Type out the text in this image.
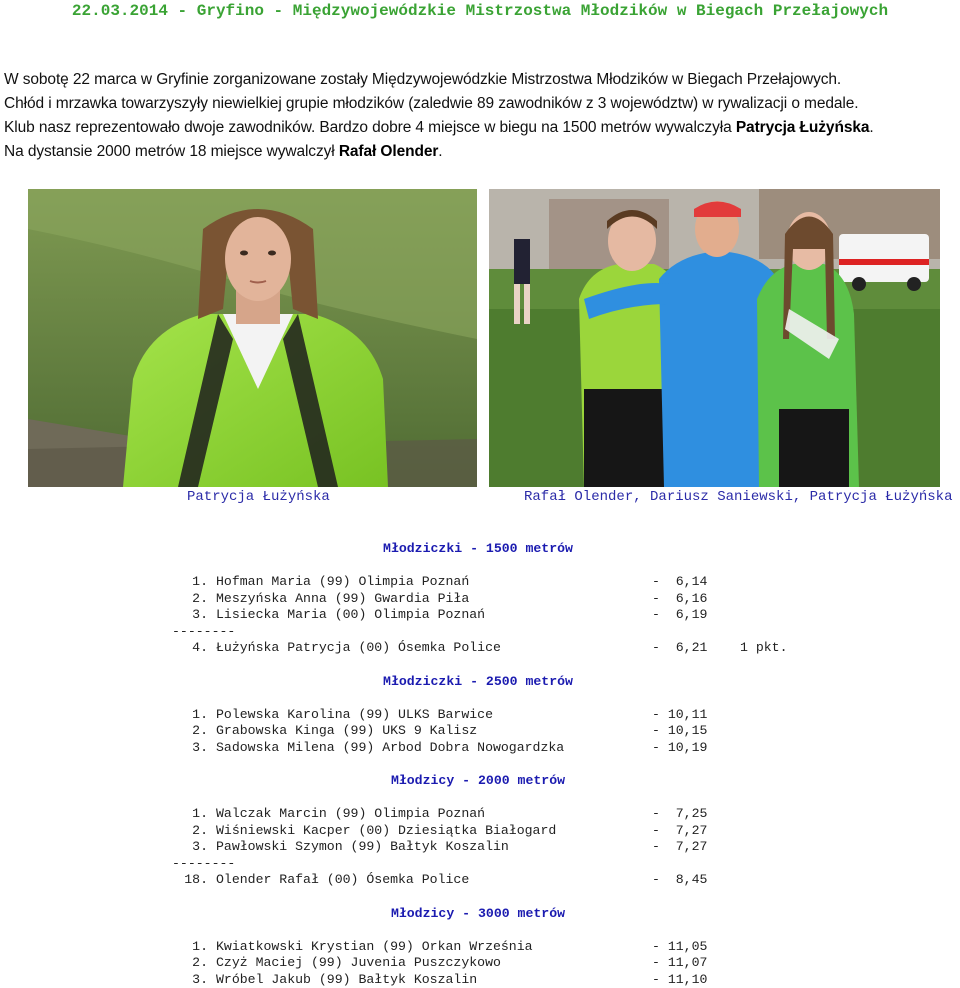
22.03.2014 - Gryfino - Międzywojewódzkie Mistrzostwa Młodzików w Biegach Przełajowych

W sobotę 22 marca w Gryfinie zorganizowane zostały Międzywojewódzkie Mistrzostwa Młodzików w Biegach Przełajowych.

Chłód i mrzawka towarzyszyły niewielkiej grupie młodzików (zaledwie 89 zawodników z 3 województw) w rywalizacji o medale.

Klub nasz reprezentowało dwoje zawodników. Bardzo dobre 4 miejsce w biegu na 1500 metrów wywalczyła Patrycja Łużyńska.

Na dystansie 2000 metrów 18 miejsce wywalczył Rafał Olender.

Patrycja Łużyńska	Rafał Olender, Dariusz Saniewski, Patrycja Łużyńska
Młodziczki - 1500 metrów
1. Hofman Maria (99) Olimpia Poznań	-  6,14
2. Meszyńska Anna (99) Gwardia Piła	-  6,16
3. Lisiecka Maria (00) Olimpia Poznań	-  6,19
--------
4. Łużyńska Patrycja (00) Ósemka Police	-  6,21 1 pkt.
Młodziczki - 2500 metrów
1. Polewska Karolina (99) ULKS Barwice	- 10,11
2. Grabowska Kinga (99) UKS 9 Kalisz	- 10,15
3. Sadowska Milena (99) Arbod Dobra Nowogardzka	- 10,19
Młodzicy - 2000 metrów
1. Walczak Marcin (99) Olimpia Poznań	-  7,25
2. Wiśniewski Kacper (00) Dziesiątka Białogard	-  7,27
3. Pawłowski Szymon (99) Bałtyk Koszalin	-  7,27
--------
18. Olender Rafał (00) Ósemka Police	-  8,45
Młodzicy - 3000 metrów
1. Kwiatkowski Krystian (99) Orkan Września	- 11,05
2. Czyż Maciej (99) Juvenia Puszczykowo	- 11,07
3. Wróbel Jakub (99) Bałtyk Koszalin	- 11,10
